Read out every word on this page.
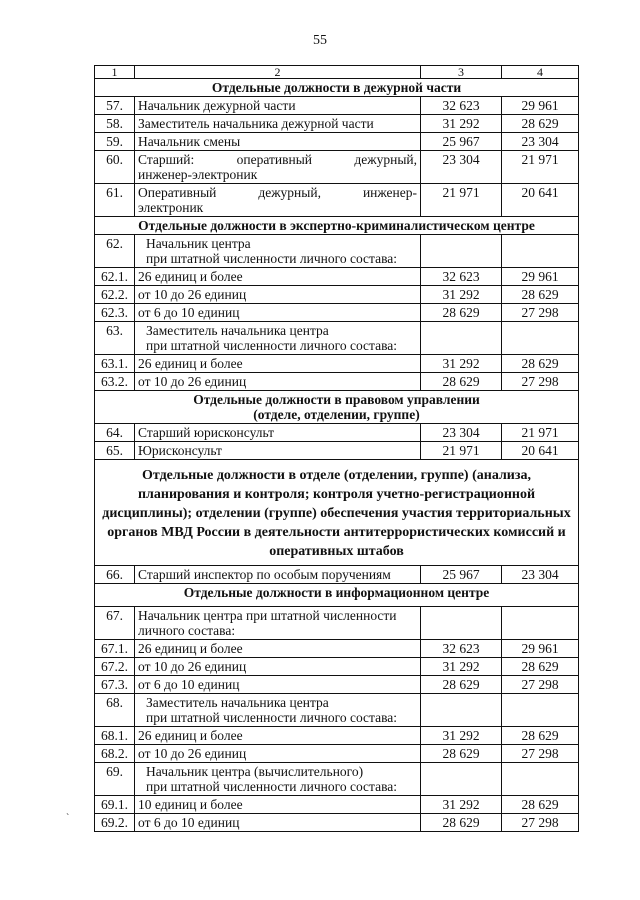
55
1	2	3	4
Отдельные должности в дежурной части			
57.	Начальник дежурной части	32 623	29 961
58.	Заместитель начальника дежурной части	31 292	28 629
59.	Начальник смены	25 967	23 304
60.	Старший: оперативный дежурный,
инженер-электроник	23 304	21 971
61.	Оперативный дежурный, инженер-
электроник	21 971	20 641
Отдельные должности в экспертно-криминалистическом центре			
62.	Начальник центра
при штатной численности личного состава:		

62.1.	26 единиц и более	32 623	29 961
62.2.	от 10 до 26 единиц	31 292	28 629
62.3.	от 6 до 10 единиц	28 629	27 298
63.	Заместитель начальника центра
при штатной численности личного состава:		

63.1.	26 единиц и более	31 292	28 629
63.2.	от 10 до 26 единиц	28 629	27 298

Отдельные должности в правовом управлении
(отделе, отделении, группе)			

64.	Старший юрисконсульт	23 304	21 971
65.	Юрисконсульт	21 971	20 641
Отдельные должности в отделе (отделении, группе) (анализа, планирования и контроля; контроля учетно-регистрационной дисциплины); отделении (группе) обеспечения участия территориальных органов МВД России в деятельности антитеррористических комиссий и оперативных штабов			
66.	Старший инспектор по особым поручениям	25 967	23 304
Отдельные должности в информационном центре			
67.	Начальник центра при штатной численности
личного состава:		

67.1.	26 единиц и более	32 623	29 961
67.2.	от 10 до 26 единиц	31 292	28 629
67.3.	от 6 до 10 единиц	28 629	27 298
68.	Заместитель начальника центра
при штатной численности личного состава:		

68.1.	26 единиц и более	31 292	28 629
68.2.	от 10 до 26 единиц	28 629	27 298
69.	Начальник центра (вычислительного)
при штатной численности личного состава:		

69.1.	10 единиц и более	31 292	28 629
69.2.	от 6 до 10 единиц	28 629	27 298
`
